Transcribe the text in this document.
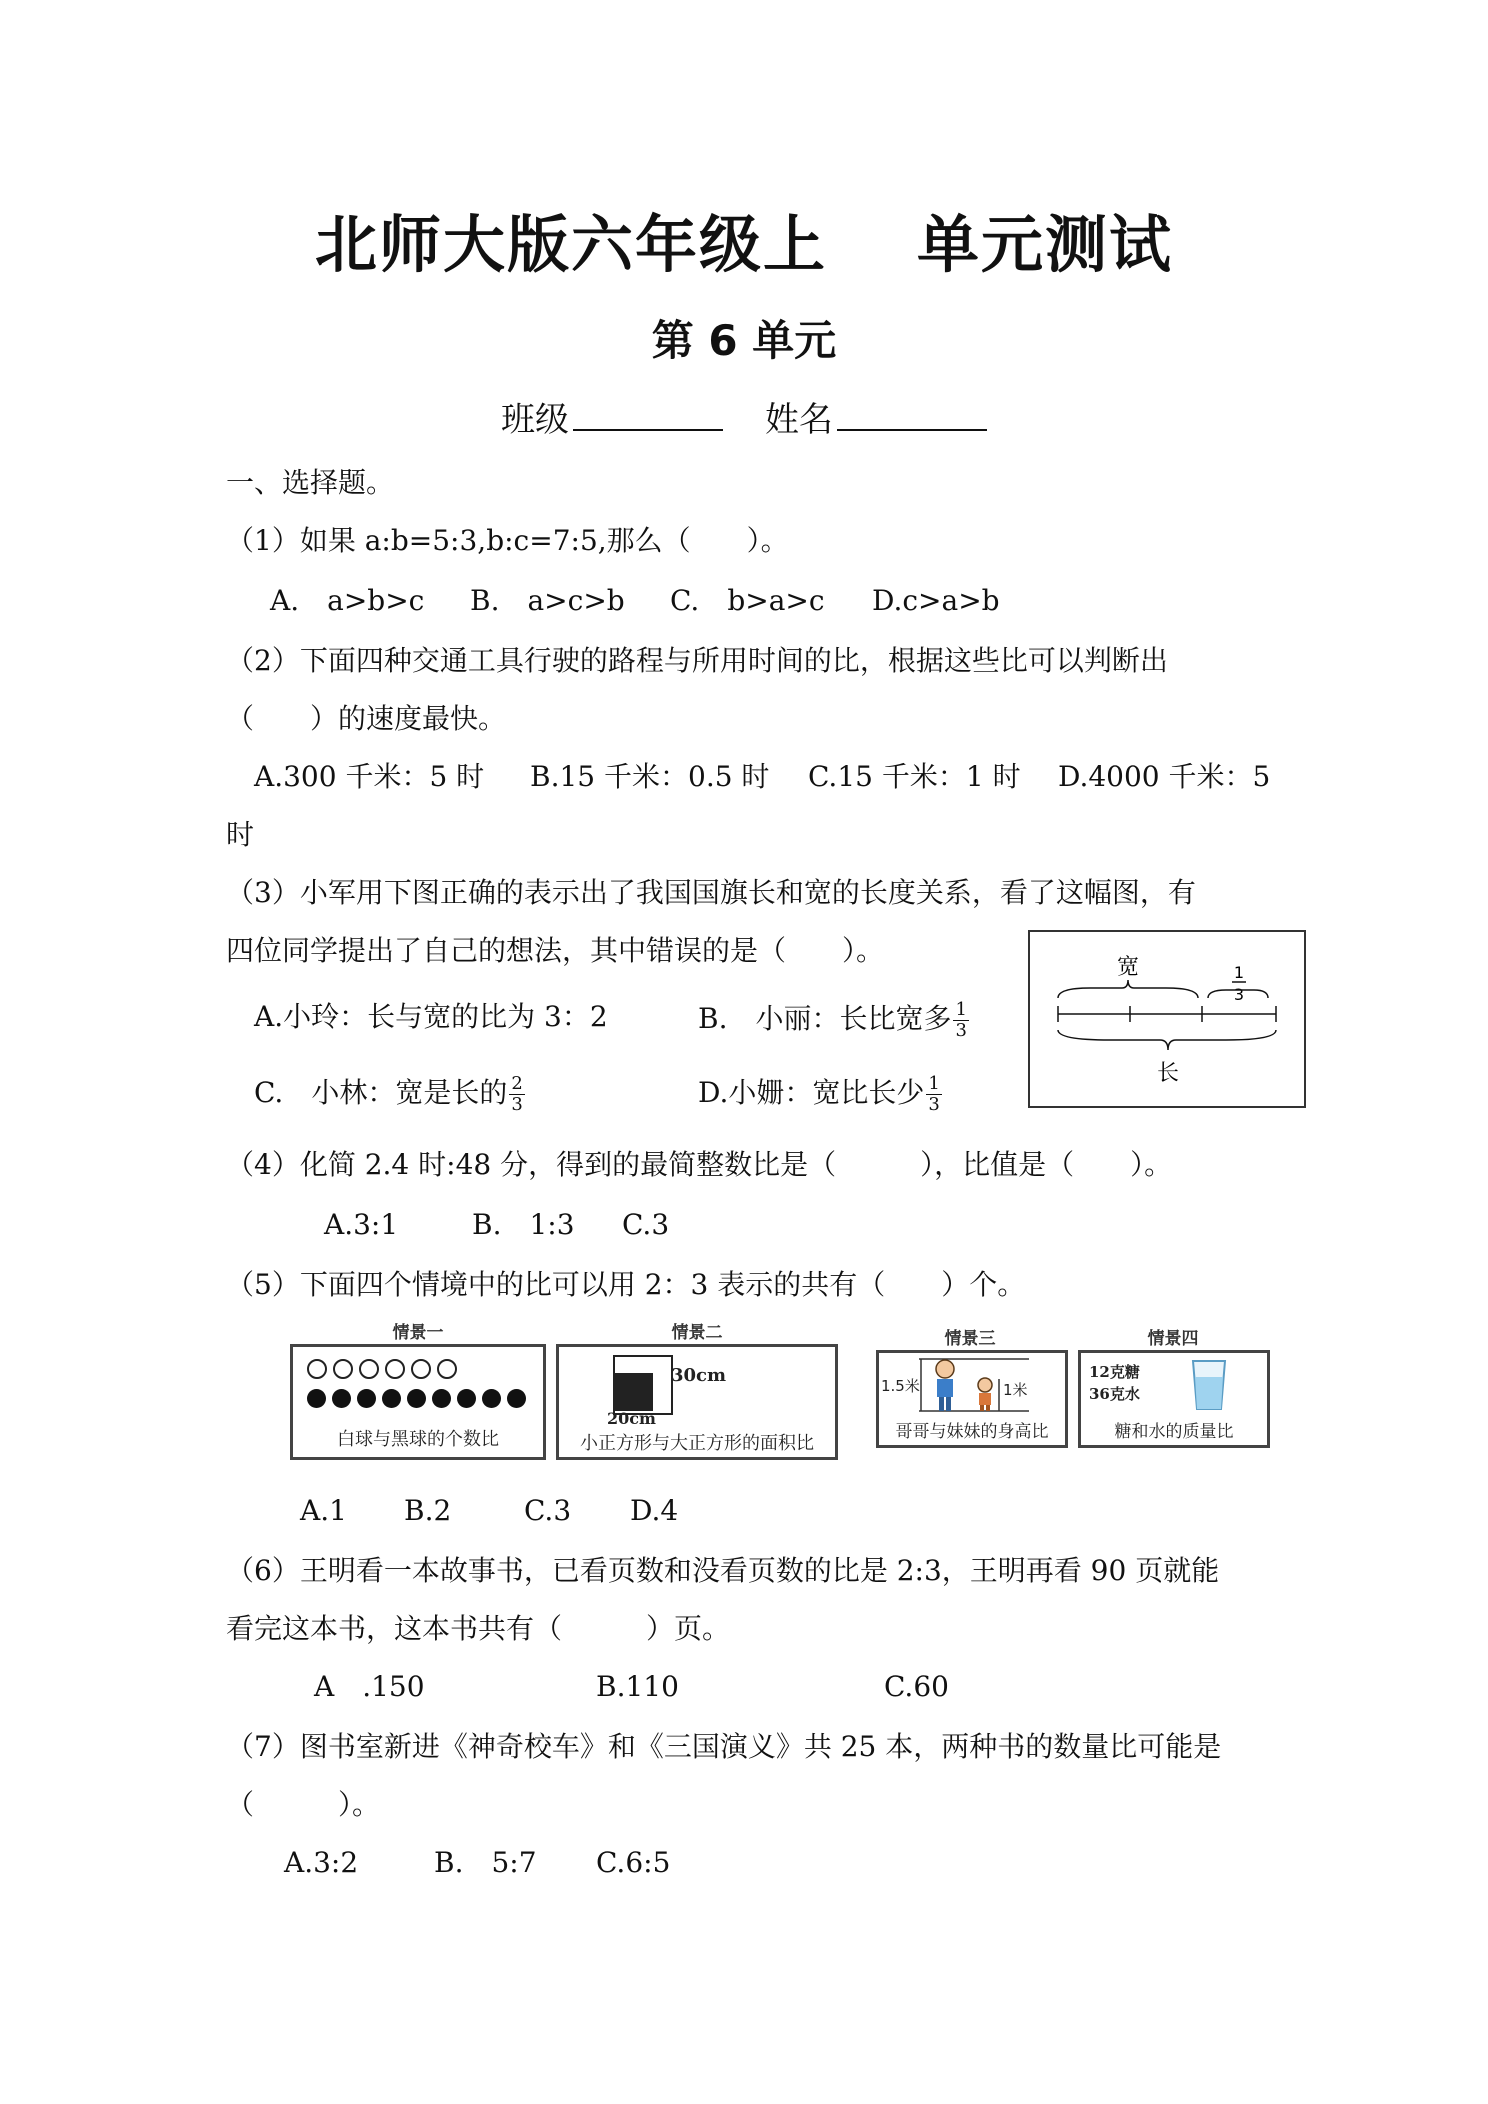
北师大版六年级上 单元测试
第 6 单元
班级	姓名
一、选择题。
（1）如果 a:b=5:3,b:c=7:5,那么（　　）。
A.　a>b>c B.　a>c>b C.　b>a>c D.c>a>b
（2）下面四种交通工具行驶的路程与所用时间的比，根据这些比可以判断出
（　　）的速度最快。
A.300 千米：5 时 B.15 千米：0.5 时 C.15 千米：1 时 D.4000 千米：5
时
（3）小军用下图正确的表示出了我国国旗长和宽的长度关系，看了这幅图，有
四位同学提出了自己的想法，其中错误的是（　　）。
A.小玲：长与宽的比为 3：2	B.　小丽：长比宽多 $\frac{1}{3}$
C.　小林：宽是长的 $\frac{2}{3}$	D.小姗：宽比长少 $\frac{1}{3}$
宽	1
3
长
（4）化简 2.4 时:48 分，得到的最简整数比是（　　　），比值是（　　）。
A.3:1	B.　1:3 C.3
（5）下面四个情境中的比可以用 2：3 表示的共有（　　）个。
情景一
白球与黑球的个数比
情景二
30cm
20cm
小正方形与大正方形的面积比
情景三
1.5米	1米
哥哥与妹妹的身高比
情景四
12克糖
36克水
糖和水的质量比
A.1 B.2	C.3 D.4
（6）王明看一本故事书，已看页数和没看页数的比是 2:3，王明再看 90 页就能
看完这本书，这本书共有（　　　）页。
A　.150	B.110	C.60
（7）图书室新进《神奇校车》和《三国演义》共 25 本，两种书的数量比可能是
（　　　）。
A.3:2	B.　5:7 C.6:5
